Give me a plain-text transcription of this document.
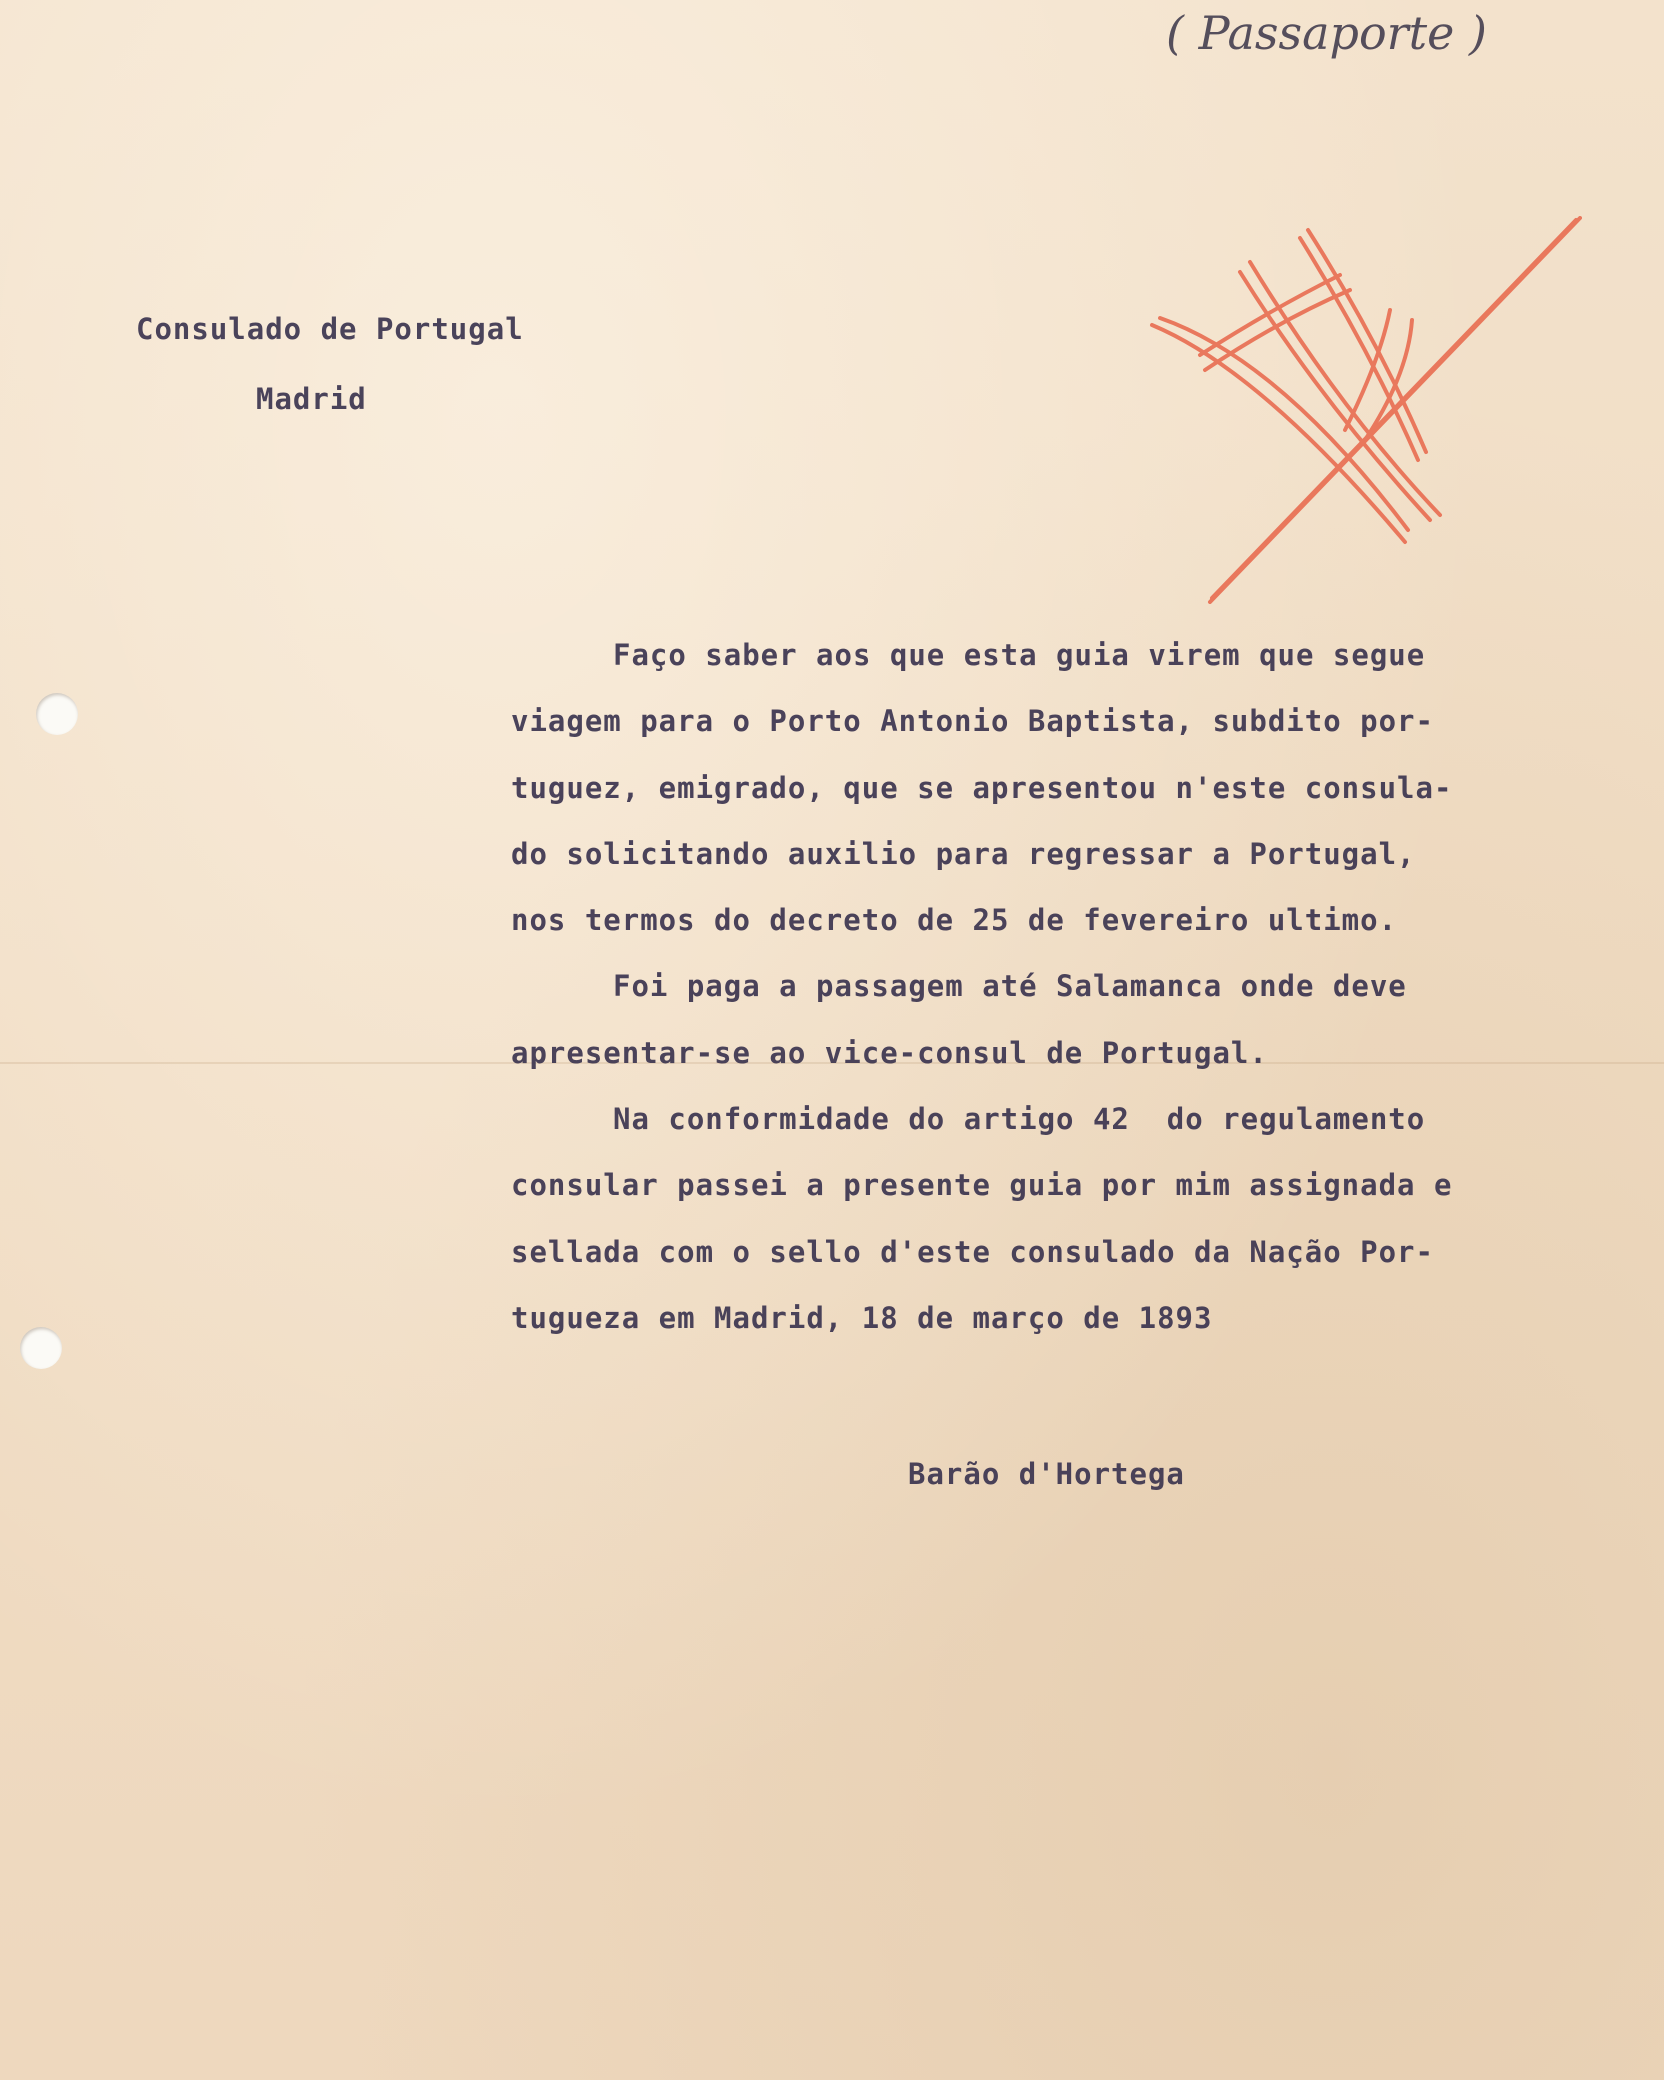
( Passaporte )
Consulado de Portugal
Madrid
Faço saber aos que esta guia virem que segue
viagem para o Porto Antonio Baptista, subdito por-
tuguez, emigrado, que se apresentou n'este consula-
do solicitando auxilio para regressar a Portugal,
nos termos do decreto de 25 de fevereiro ultimo.
Foi paga a passagem até Salamanca onde deve
apresentar-se ao vice-consul de Portugal.
Na conformidade do artigo 42  do regulamento
consular passei a presente guia por mim assignada e
sellada com o sello d'este consulado da Nação Por-
tugueza em Madrid, 18 de março de 1893
Barão d'Hortega
